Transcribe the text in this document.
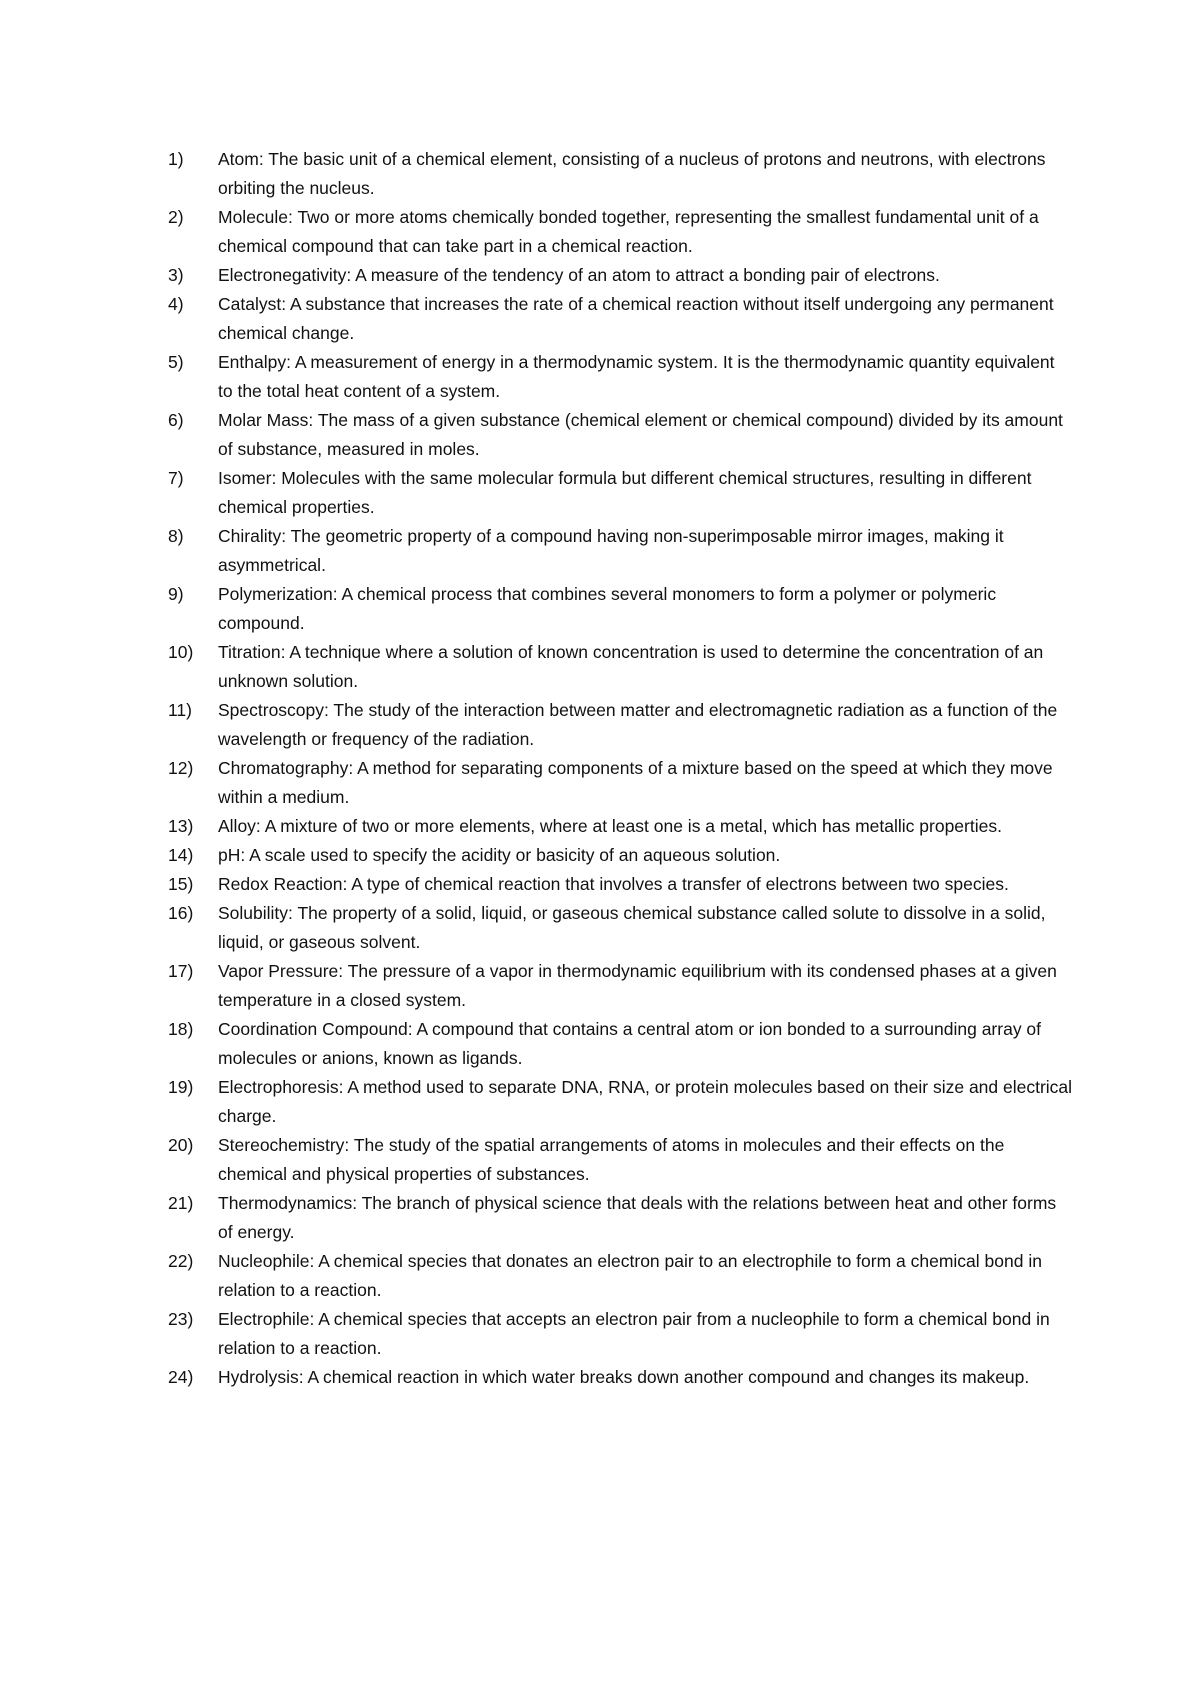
1)	Atom: The basic unit of a chemical element, consisting of a nucleus of protons and neutrons, with electrons orbiting the nucleus.
2)	Molecule: Two or more atoms chemically bonded together, representing the smallest fundamental unit of a chemical compound that can take part in a chemical reaction.
3)	Electronegativity: A measure of the tendency of an atom to attract a bonding pair of electrons.
4)	Catalyst: A substance that increases the rate of a chemical reaction without itself undergoing any permanent chemical change.
5)	Enthalpy: A measurement of energy in a thermodynamic system. It is the thermodynamic quantity equivalent to the total heat content of a system.
6)	Molar Mass: The mass of a given substance (chemical element or chemical compound) divided by its amount of substance, measured in moles.
7)	Isomer: Molecules with the same molecular formula but different chemical structures, resulting in different chemical properties.
8)	Chirality: The geometric property of a compound having non-superimposable mirror images, making it asymmetrical.
9)	Polymerization: A chemical process that combines several monomers to form a polymer or polymeric compound.
10)	Titration: A technique where a solution of known concentration is used to determine the concentration of an unknown solution.
11)	Spectroscopy: The study of the interaction between matter and electromagnetic radiation as a function of the wavelength or frequency of the radiation.
12)	Chromatography: A method for separating components of a mixture based on the speed at which they move within a medium.
13)	Alloy: A mixture of two or more elements, where at least one is a metal, which has metallic properties.
14)	pH: A scale used to specify the acidity or basicity of an aqueous solution.
15)	Redox Reaction: A type of chemical reaction that involves a transfer of electrons between two species.
16)	Solubility: The property of a solid, liquid, or gaseous chemical substance called solute to dissolve in a solid, liquid, or gaseous solvent.
17)	Vapor Pressure: The pressure of a vapor in thermodynamic equilibrium with its condensed phases at a given temperature in a closed system.
18)	Coordination Compound: A compound that contains a central atom or ion bonded to a surrounding array of molecules or anions, known as ligands.
19)	Electrophoresis: A method used to separate DNA, RNA, or protein molecules based on their size and electrical charge.
20)	Stereochemistry: The study of the spatial arrangements of atoms in molecules and their effects on the chemical and physical properties of substances.
21)	Thermodynamics: The branch of physical science that deals with the relations between heat and other forms of energy.
22)	Nucleophile: A chemical species that donates an electron pair to an electrophile to form a chemical bond in relation to a reaction.
23)	Electrophile: A chemical species that accepts an electron pair from a nucleophile to form a chemical bond in relation to a reaction.
24)	Hydrolysis: A chemical reaction in which water breaks down another compound and changes its makeup.
